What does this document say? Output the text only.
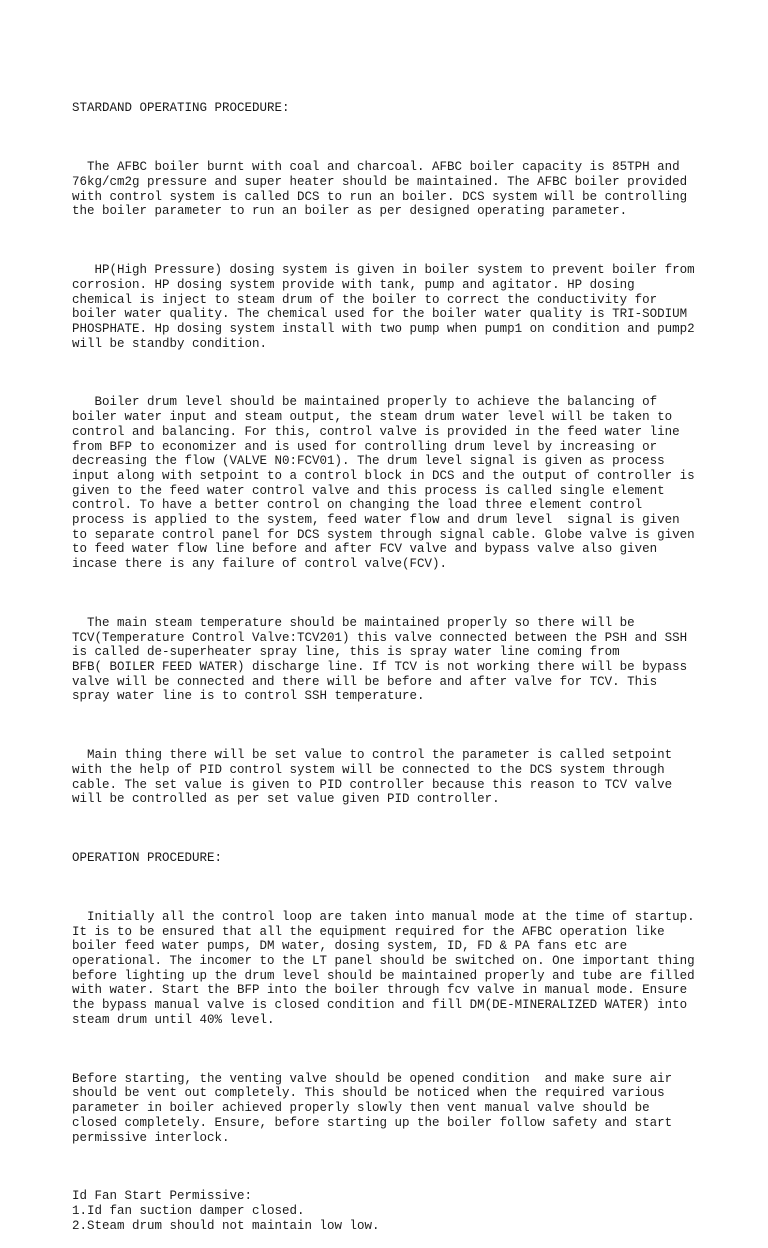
STARDAND OPERATING PROCEDURE:

The AFBC boiler burnt with coal and charcoal. AFBC boiler capacity is 85TPH and
76kg/cm2g pressure and super heater should be maintained. The AFBC boiler provided
with control system is called DCS to run an boiler. DCS system will be controlling
the boiler parameter to run an boiler as per designed operating parameter.

HP(High Pressure) dosing system is given in boiler system to prevent boiler from
corrosion. HP dosing system provide with tank, pump and agitator. HP dosing
chemical is inject to steam drum of the boiler to correct the conductivity for
boiler water quality. The chemical used for the boiler water quality is TRI-SODIUM
PHOSPHATE. Hp dosing system install with two pump when pump1 on condition and pump2
will be standby condition.

Boiler drum level should be maintained properly to achieve the balancing of
boiler water input and steam output, the steam drum water level will be taken to
control and balancing. For this, control valve is provided in the feed water line
from BFP to economizer and is used for controlling drum level by increasing or
decreasing the flow (VALVE N0:FCV01). The drum level signal is given as process
input along with setpoint to a control block in DCS and the output of controller is
given to the feed water control valve and this process is called single element
control. To have a better control on changing the load three element control
process is applied to the system, feed water flow and drum level  signal is given
to separate control panel for DCS system through signal cable. Globe valve is given
to feed water flow line before and after FCV valve and bypass valve also given
incase there is any failure of control valve(FCV).

The main steam temperature should be maintained properly so there will be
TCV(Temperature Control Valve:TCV201) this valve connected between the PSH and SSH
is called de-superheater spray line, this is spray water line coming from
BFB( BOILER FEED WATER) discharge line. If TCV is not working there will be bypass
valve will be connected and there will be before and after valve for TCV. This
spray water line is to control SSH temperature.

Main thing there will be set value to control the parameter is called setpoint
with the help of PID control system will be connected to the DCS system through
cable. The set value is given to PID controller because this reason to TCV valve
will be controlled as per set value given PID controller.

OPERATION PROCEDURE:

Initially all the control loop are taken into manual mode at the time of startup.
It is to be ensured that all the equipment required for the AFBC operation like
boiler feed water pumps, DM water, dosing system, ID, FD & PA fans etc are
operational. The incomer to the LT panel should be switched on. One important thing
before lighting up the drum level should be maintained properly and tube are filled
with water. Start the BFP into the boiler through fcv valve in manual mode. Ensure
the bypass manual valve is closed condition and fill DM(DE-MINERALIZED WATER) into
steam drum until 40% level.

Before starting, the venting valve should be opened condition  and make sure air
should be vent out completely. This should be noticed when the required various
parameter in boiler achieved properly slowly then vent manual valve should be
closed completely. Ensure, before starting up the boiler follow safety and start
permissive interlock.

Id Fan Start Permissive:
1.Id fan suction damper closed.
2.Steam drum should not maintain low low.
